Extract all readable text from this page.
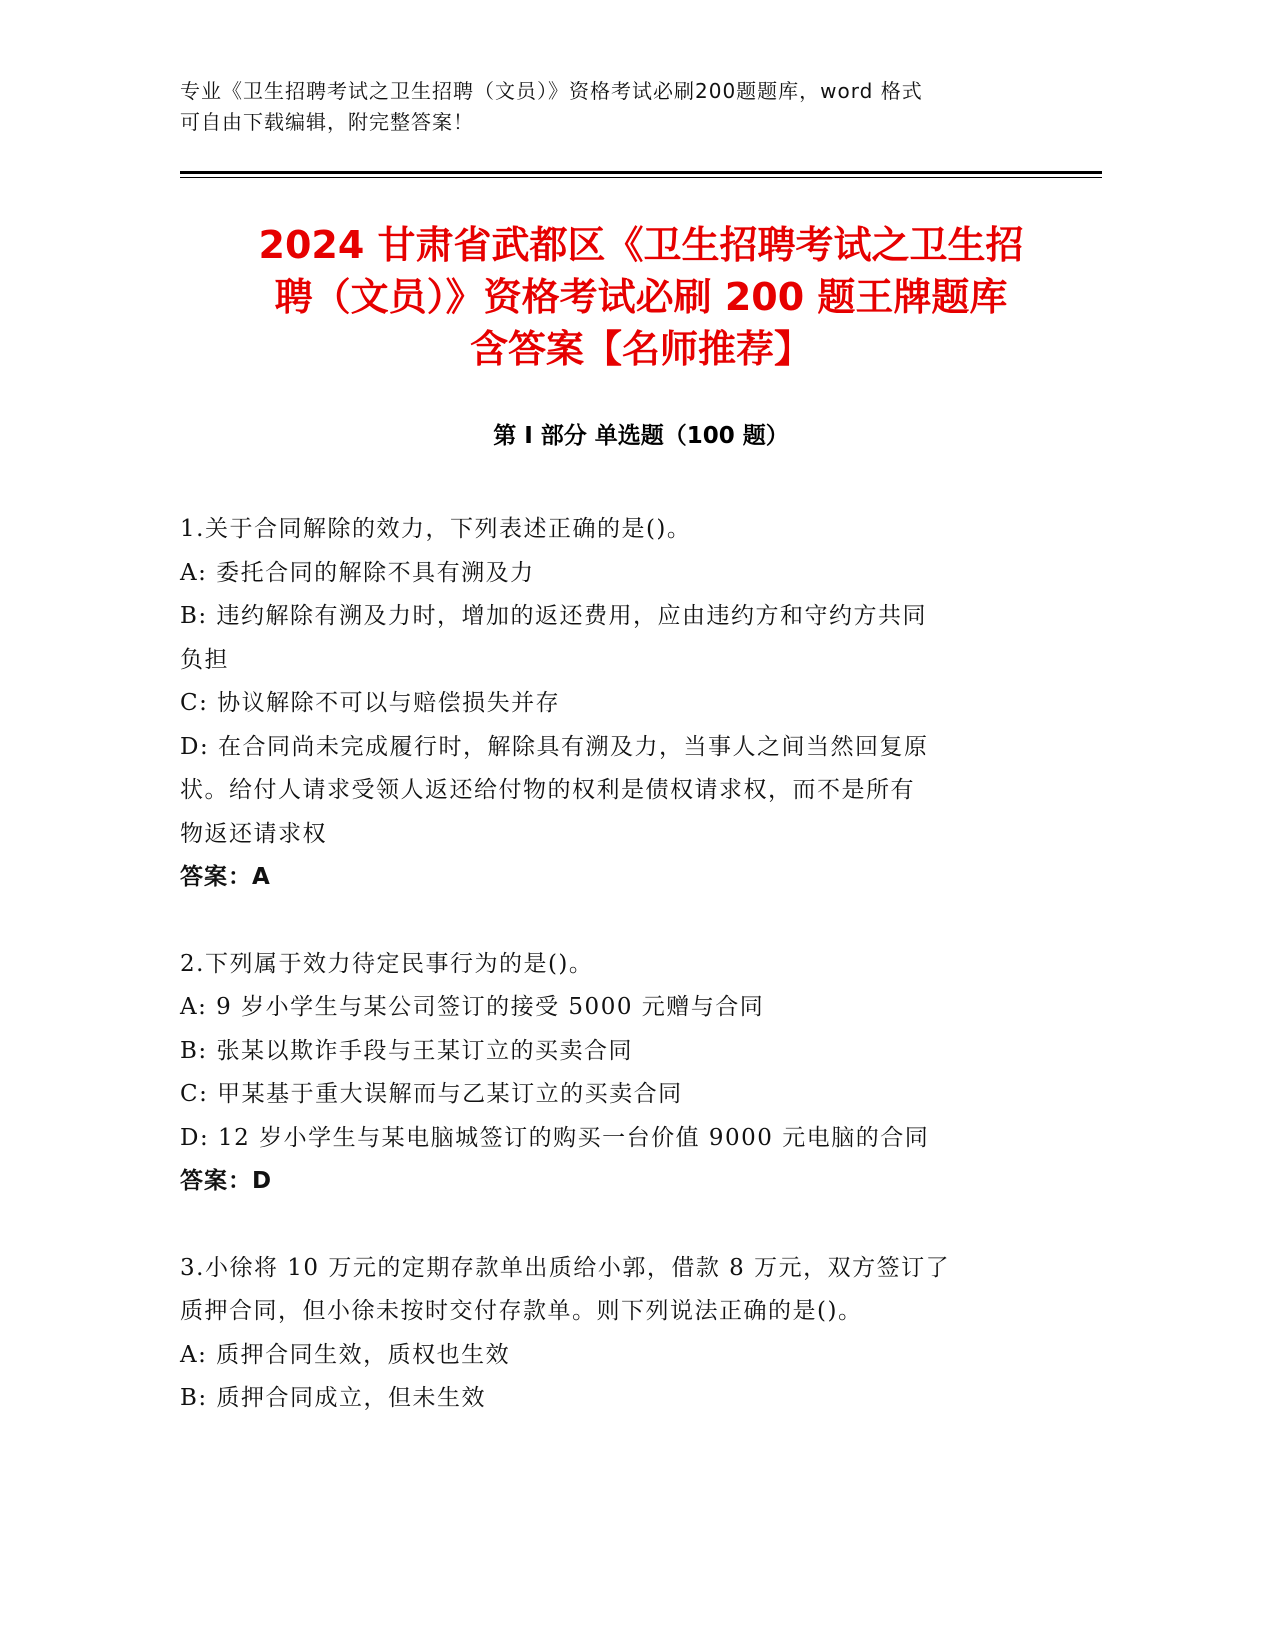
专业《卫生招聘考试之卫生招聘（文员）》资格考试必刷200题题库，word 格式
可自由下载编辑，附完整答案！
2024 甘肃省武都区《卫生招聘考试之卫生招
聘（文员）》资格考试必刷 200 题王牌题库
含答案【名师推荐】
第 I 部分 单选题（100 题）

1.关于合同解除的效力，下列表述正确的是()。

A: 委托合同的解除不具有溯及力

B: 违约解除有溯及力时，增加的返还费用，应由违约方和守约方共同

负担

C: 协议解除不可以与赔偿损失并存

D: 在合同尚未完成履行时，解除具有溯及力，当事人之间当然回复原

状。给付人请求受领人返还给付物的权利是债权请求权，而不是所有

物返还请求权

答案：A

2.下列属于效力待定民事行为的是()。

A: 9 岁小学生与某公司签订的接受 5000 元赠与合同

B: 张某以欺诈手段与王某订立的买卖合同

C: 甲某基于重大误解而与乙某订立的买卖合同

D: 12 岁小学生与某电脑城签订的购买一台价值 9000 元电脑的合同

答案：D

3.小徐将 10 万元的定期存款单出质给小郭，借款 8 万元，双方签订了

质押合同，但小徐未按时交付存款单。则下列说法正确的是()。

A: 质押合同生效，质权也生效

B: 质押合同成立，但未生效
